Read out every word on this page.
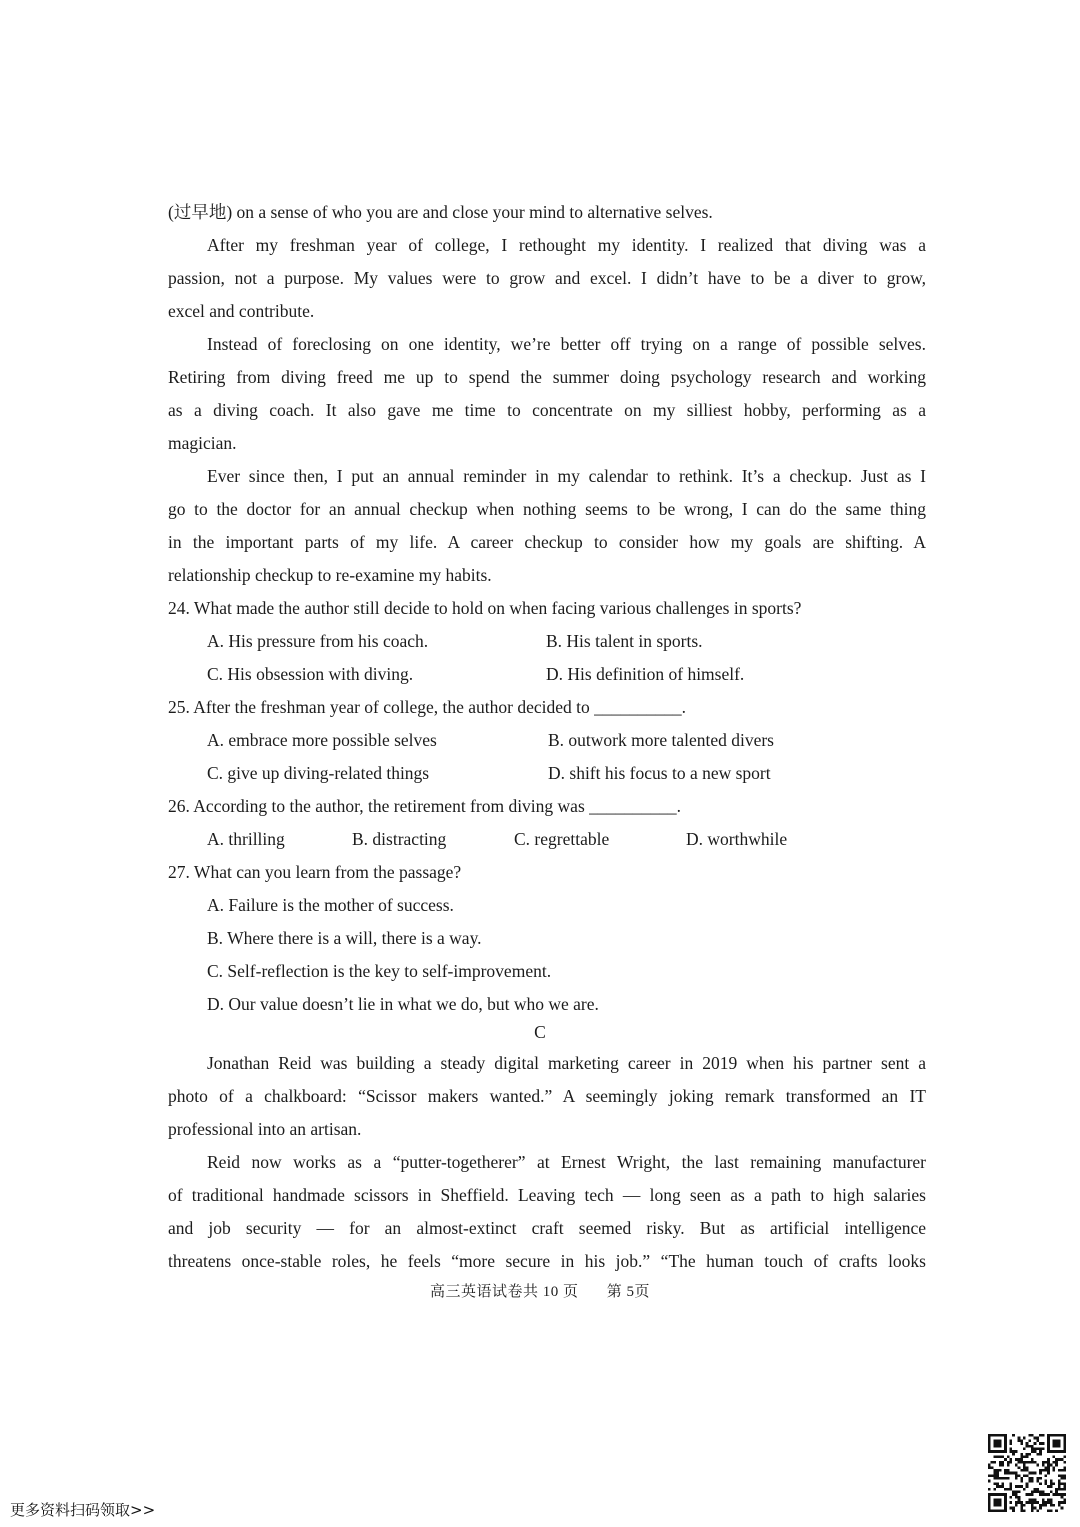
(过早地) on a sense of who you are and close your mind to alternative selves.
After my freshman year of college, I rethought my identity. I realized that diving was a
passion, not a purpose. My values were to grow and excel. I didn’t have to be a diver to grow,
excel and contribute.
Instead of foreclosing on one identity, we’re better off trying on a range of possible selves.
Retiring from diving freed me up to spend the summer doing psychology research and working
as a diving coach. It also gave me time to concentrate on my silliest hobby, performing as a
magician.
Ever since then, I put an annual reminder in my calendar to rethink. It’s a checkup. Just as I
go to the doctor for an annual checkup when nothing seems to be wrong, I can do the same thing
in the important parts of my life. A career checkup to consider how my goals are shifting. A
relationship checkup to re-examine my habits.
24. What made the author still decide to hold on when facing various challenges in sports?
A. His pressure from his coach.	B. His talent in sports.
C. His obsession with diving.	D. His definition of himself.
25. After the freshman year of college, the author decided to __________.
A. embrace more possible selves	B. outwork more talented divers
C. give up diving-related things	D. shift his focus to a new sport
26. According to the author, the retirement from diving was __________.
A. thrilling	B. distracting	C. regrettable	D. worthwhile
27. What can you learn from the passage?
A. Failure is the mother of success.
B. Where there is a will, there is a way.
C. Self-reflection is the key to self-improvement.
D. Our value doesn’t lie in what we do, but who we are.
C
Jonathan Reid was building a steady digital marketing career in 2019 when his partner sent a
photo of a chalkboard: “Scissor makers wanted.” A seemingly joking remark transformed an IT
professional into an artisan.
Reid now works as a “putter-togetherer” at Ernest Wright, the last remaining manufacturer
of traditional handmade scissors in Sheffield. Leaving tech — long seen as a path to high salaries
and job security — for an almost-extinct craft seemed risky. But as artificial intelligence
threatens once-stable roles, he feels “more secure in his job.” “The human touch of crafts looks
高三英语试卷共 10 页 第 5页
更多资料扫码领取>>
